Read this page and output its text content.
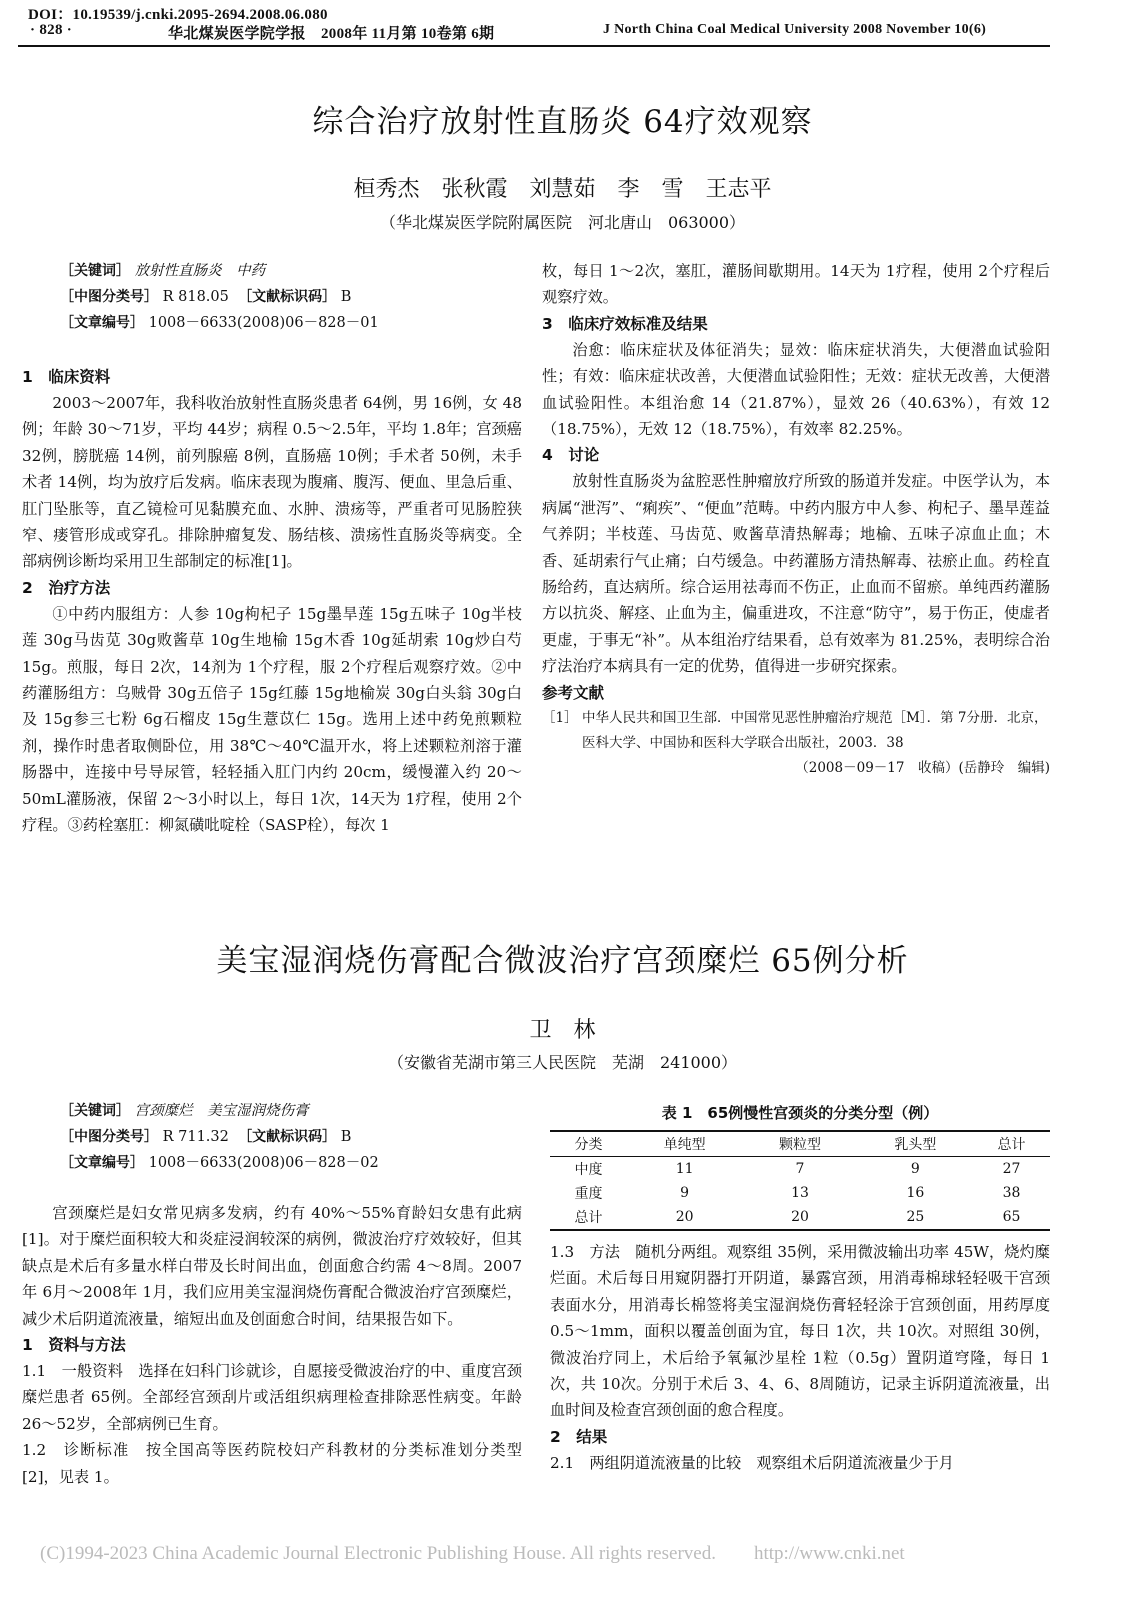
DOI：10.19539/j.cnki.2095-2694.2008.06.080
· 828 ·	华北煤炭医学院学报　2008年 11月第 10卷第 6期	J North China Coal Medical University 2008 November 10(6)
综合治疗放射性直肠炎 64疗效观察
桓秀杰　张秋霞　刘慧茹　李　雪　王志平
（华北煤炭医学院附属医院　河北唐山　063000）
［关键词］ 放射性直肠炎　中药
［中图分类号］ R 818.05 ［文献标识码］ B
［文章编号］ 1008－6633(2008)06－828－01
1　临床资料
2003～2007年，我科收治放射性直肠炎患者 64例，男 16例，女 48例；年龄 30～71岁，平均 44岁；病程 0.5～2.5年，平均 1.8年；宫颈癌 32例，膀胱癌 14例，前列腺癌 8例，直肠癌 10例；手术者 50例，未手术者 14例，均为放疗后发病。临床表现为腹痛、腹泻、便血、里急后重、肛门坠胀等，直乙镜检可见黏膜充血、水肿、溃疡等，严重者可见肠腔狭窄、瘘管形成或穿孔。排除肿瘤复发、肠结核、溃疡性直肠炎等病变。全部病例诊断均采用卫生部制定的标准[1]。
2　治疗方法
①中药内服组方：人参 10g枸杞子 15g墨旱莲 15g五味子 10g半枝莲 30g马齿苋 30g败酱草 10g生地榆 15g木香 10g延胡索 10g炒白芍 15g。煎服，每日 2次，14剂为 1个疗程，服 2个疗程后观察疗效。②中药灌肠组方：乌贼骨 30g五倍子 15g红藤 15g地榆炭 30g白头翁 30g白及 15g参三七粉 6g石榴皮 15g生薏苡仁 15g。选用上述中药免煎颗粒剂，操作时患者取侧卧位，用 38℃～40℃温开水，将上述颗粒剂溶于灌肠器中，连接中号导尿管，轻轻插入肛门内约 20cm，缓慢灌入约 20～50mL灌肠液，保留 2～3小时以上，每日 1次，14天为 1疗程，使用 2个疗程。③药栓塞肛：柳氮磺吡啶栓（SASP栓），每次 1
枚，每日 1～2次，塞肛，灌肠间歇期用。14天为 1疗程，使用 2个疗程后观察疗效。
3　临床疗效标准及结果
治愈：临床症状及体征消失；显效：临床症状消失，大便潜血试验阳性；有效：临床症状改善，大便潜血试验阳性；无效：症状无改善，大便潜血试验阳性。本组治愈 14（21.87%），显效 26（40.63%），有效 12（18.75%），无效 12（18.75%），有效率 82.25%。
4　讨论
放射性直肠炎为盆腔恶性肿瘤放疗所致的肠道并发症。中医学认为，本病属“泄泻”、“痢疾”、“便血”范畴。中药内服方中人参、枸杞子、墨旱莲益气养阴；半枝莲、马齿苋、败酱草清热解毒；地榆、五味子凉血止血；木香、延胡索行气止痛；白芍缓急。中药灌肠方清热解毒、祛瘀止血。药栓直肠给药，直达病所。综合运用祛毒而不伤正，止血而不留瘀。单纯西药灌肠方以抗炎、解痉、止血为主，偏重进攻，不注意“防守”，易于伤正，使虚者更虚，于事无“补”。从本组治疗结果看，总有效率为 81.25%，表明综合治疗法治疗本病具有一定的优势，值得进一步研究探索。
参考文献
［1］ 中华人民共和国卫生部．中国常见恶性肿瘤治疗规范［M］．第 7分册．北京，医科大学、中国协和医科大学联合出版社，2003．38
（2008－09－17　收稿）(岳静玲　编辑)
美宝湿润烧伤膏配合微波治疗宫颈糜烂 65例分析
卫　林
（安徽省芜湖市第三人民医院　芜湖　241000）
［关键词］ 宫颈糜烂　美宝湿润烧伤膏
［中图分类号］ R 711.32 ［文献标识码］ B
［文章编号］ 1008－6633(2008)06－828－02
宫颈糜烂是妇女常见病多发病，约有 40%～55%育龄妇女患有此病[1]。对于糜烂面积较大和炎症浸润较深的病例，微波治疗疗效较好，但其缺点是术后有多量水样白带及长时间出血，创面愈合约需 4～8周。2007年 6月～2008年 1月，我们应用美宝湿润烧伤膏配合微波治疗宫颈糜烂，减少术后阴道流液量，缩短出血及创面愈合时间，结果报告如下。
1　资料与方法
1.1　一般资料　选择在妇科门诊就诊，自愿接受微波治疗的中、重度宫颈糜烂患者 65例。全部经宫颈刮片或活组织病理检查排除恶性病变。年龄 26～52岁，全部病例已生育。
1.2　诊断标准　按全国高等医药院校妇产科教材的分类标准划分类型[2]，见表 1。
表 1　65例慢性宫颈炎的分类分型（例）
分类	单纯型	颗粒型	乳头型	总计
中度	11	7	9	27
重度	9	13	16	38
总计	20	20	25	65
1.3　方法　随机分两组。观察组 35例，采用微波输出功率 45W，烧灼糜烂面。术后每日用窥阴器打开阴道，暴露宫颈，用消毒棉球轻轻吸干宫颈表面水分，用消毒长棉签将美宝湿润烧伤膏轻轻涂于宫颈创面，用药厚度 0.5～1mm，面积以覆盖创面为宜，每日 1次，共 10次。对照组 30例，微波治疗同上，术后给予氧氟沙星栓 1粒（0.5g）置阴道穹隆，每日 1次，共 10次。分别于术后 3、4、6、8周随访，记录主诉阴道流液量，出血时间及检查宫颈创面的愈合程度。
2　结果
2.1　两组阴道流液量的比较　观察组术后阴道流液量少于月
(C)1994-2023 China Academic Journal Electronic Publishing House. All rights reserved.　　http://www.cnki.net
